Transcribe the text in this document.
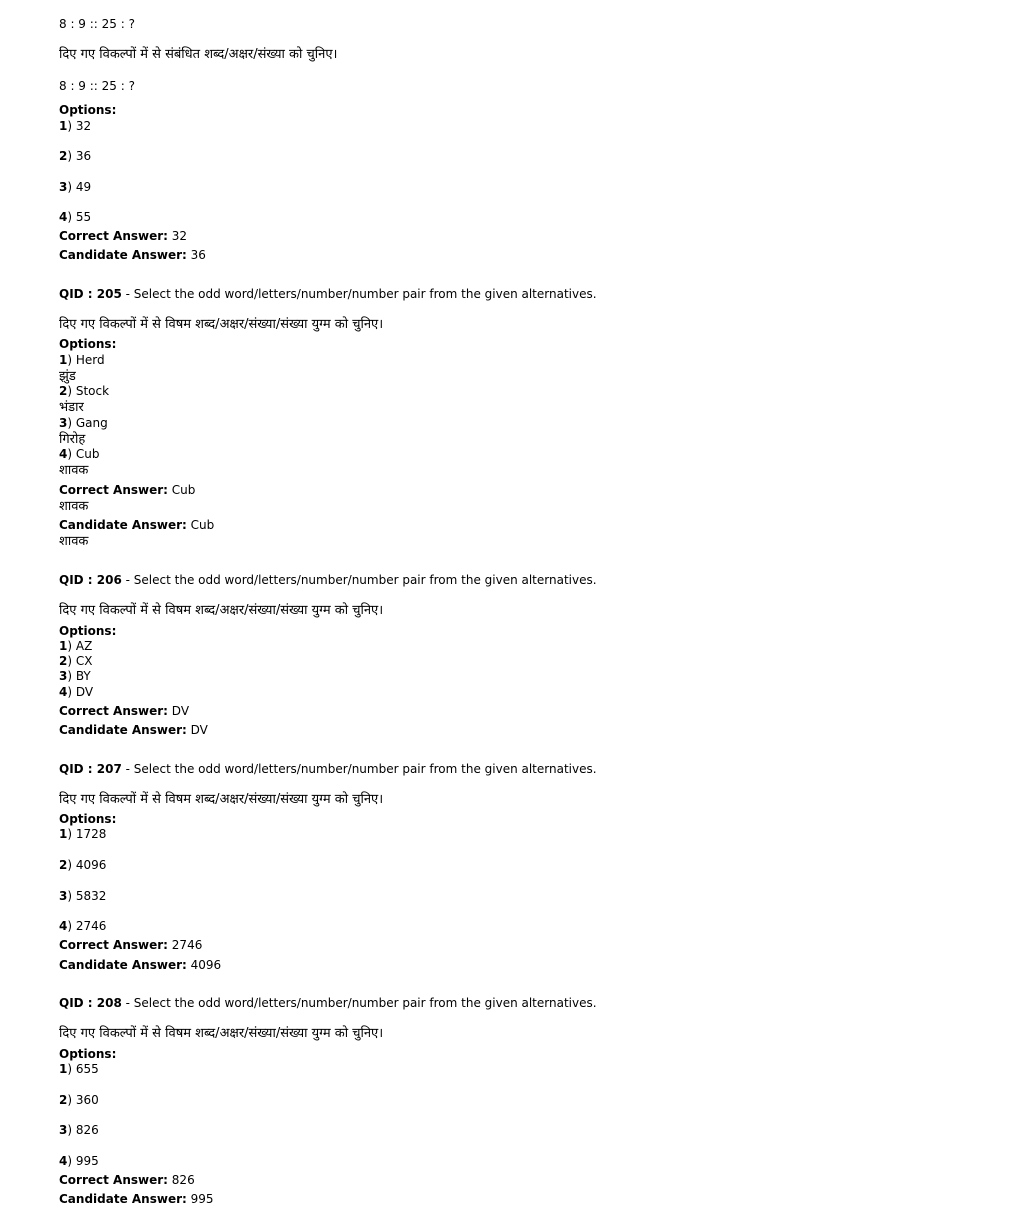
8 : 9 :: 25 : ?
दिए गए विकल्पों में से संबंधित शब्द/अक्षर/संख्या को चुनिए।
8 : 9 :: 25 : ?
Options:
1) 32
2) 36
3) 49
4) 55
Correct Answer: 32
Candidate Answer: 36
QID : 205 - Select the odd word/letters/number/number pair from the given alternatives.
दिए गए विकल्पों में से विषम शब्द/अक्षर/संख्या/संख्या युग्म को चुनिए।
Options:
1) Herd
झुंड
2) Stock
भंडार
3) Gang
गिरोह
4) Cub
शावक
Correct Answer: Cub
शावक
Candidate Answer: Cub
शावक
QID : 206 - Select the odd word/letters/number/number pair from the given alternatives.
दिए गए विकल्पों में से विषम शब्द/अक्षर/संख्या/संख्या युग्म को चुनिए।
Options:
1) AZ
2) CX
3) BY
4) DV
Correct Answer: DV
Candidate Answer: DV
QID : 207 - Select the odd word/letters/number/number pair from the given alternatives.
दिए गए विकल्पों में से विषम शब्द/अक्षर/संख्या/संख्या युग्म को चुनिए।
Options:
1) 1728
2) 4096
3) 5832
4) 2746
Correct Answer: 2746
Candidate Answer: 4096
QID : 208 - Select the odd word/letters/number/number pair from the given alternatives.
दिए गए विकल्पों में से विषम शब्द/अक्षर/संख्या/संख्या युग्म को चुनिए।
Options:
1) 655
2) 360
3) 826
4) 995
Correct Answer: 826
Candidate Answer: 995
